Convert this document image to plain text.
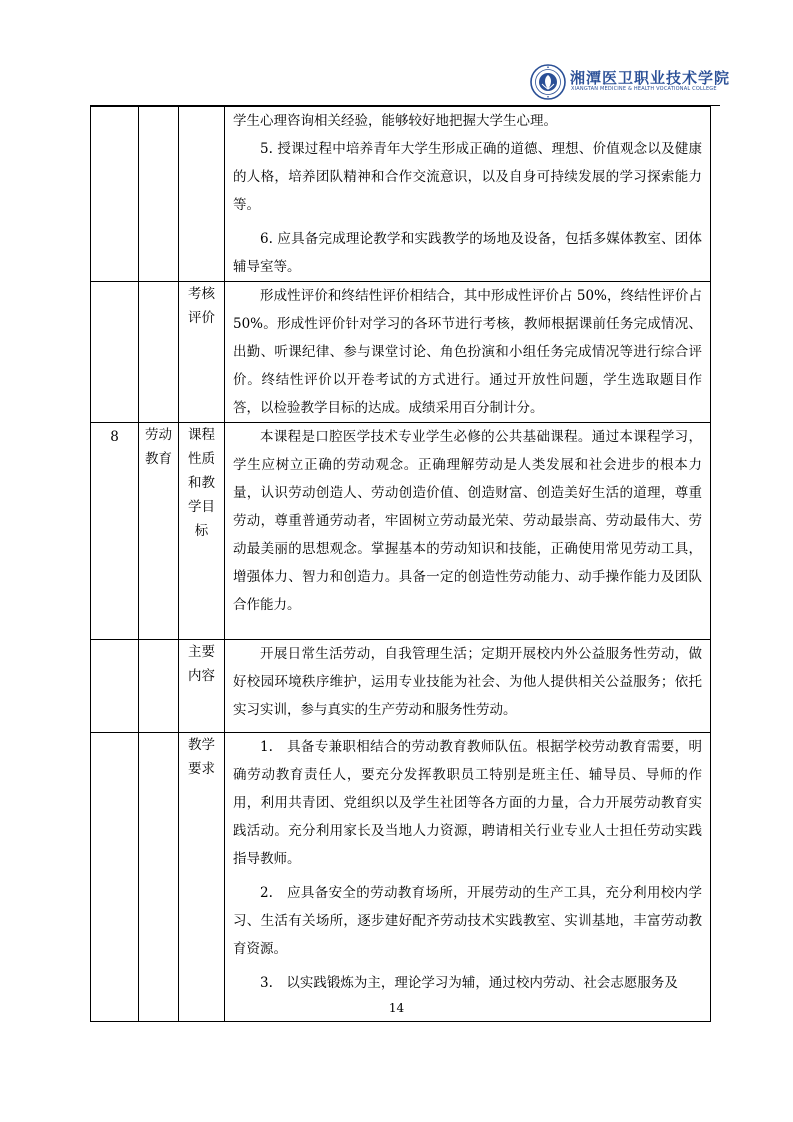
湘潭医卫职业技术学院
XIANGTAN MEDICINE & HEALTH VOCATIONAL COLLEGE

			学生心理咨询相关经验，能够较好地把握大学生心理。

5. 授课过程中培养青年大学生形成正确的道德、理想、价值观念以及健康的人格，培养团队精神和合作交流意识，以及自身可持续发展的学习探索能力等。

6. 应具备完成理论教学和实践教学的场地及设备，包括多媒体教室、团体辅导室等。

		考核评价	形成性评价和终结性评价相结合，其中形成性评价占 50%，终结性评价占 50%。形成性评价针对学习的各环节进行考核，教师根据课前任务完成情况、出勤、听课纪律、参与课堂讨论、角色扮演和小组任务完成情况等进行综合评价。终结性评价以开卷考试的方式进行。通过开放性问题，学生选取题目作答，以检验教学目标的达成。成绩采用百分制计分。

8	劳动教育	课程性质和教学目标	本课程是口腔医学技术专业学生必修的公共基础课程。通过本课程学习，学生应树立正确的劳动观念。正确理解劳动是人类发展和社会进步的根本力量，认识劳动创造人、劳动创造价值、创造财富、创造美好生活的道理，尊重劳动，尊重普通劳动者，牢固树立劳动最光荣、劳动最崇高、劳动最伟大、劳动最美丽的思想观念。掌握基本的劳动知识和技能，正确使用常见劳动工具，增强体力、智力和创造力。具备一定的创造性劳动能力、动手操作能力及团队合作能力。

		主要内容	开展日常生活劳动，自我管理生活；定期开展校内外公益服务性劳动，做好校园环境秩序维护，运用专业技能为社会、为他人提供相关公益服务；依托实习实训，参与真实的生产劳动和服务性劳动。

		教学要求	1.　具备专兼职相结合的劳动教育教师队伍。根据学校劳动教育需要，明确劳动教育责任人，要充分发挥教职员工特别是班主任、辅导员、导师的作用，利用共青团、党组织以及学生社团等各方面的力量，合力开展劳动教育实践活动。充分利用家长及当地人力资源，聘请相关行业专业人士担任劳动实践指导教师。

2.　应具备安全的劳动教育场所，开展劳动的生产工具，充分利用校内学习、生活有关场所，逐步建好配齐劳动技术实践教室、实训基地，丰富劳动教育资源。

3.　以实践锻炼为主，理论学习为辅，通过校内劳动、社会志愿服务及

14
